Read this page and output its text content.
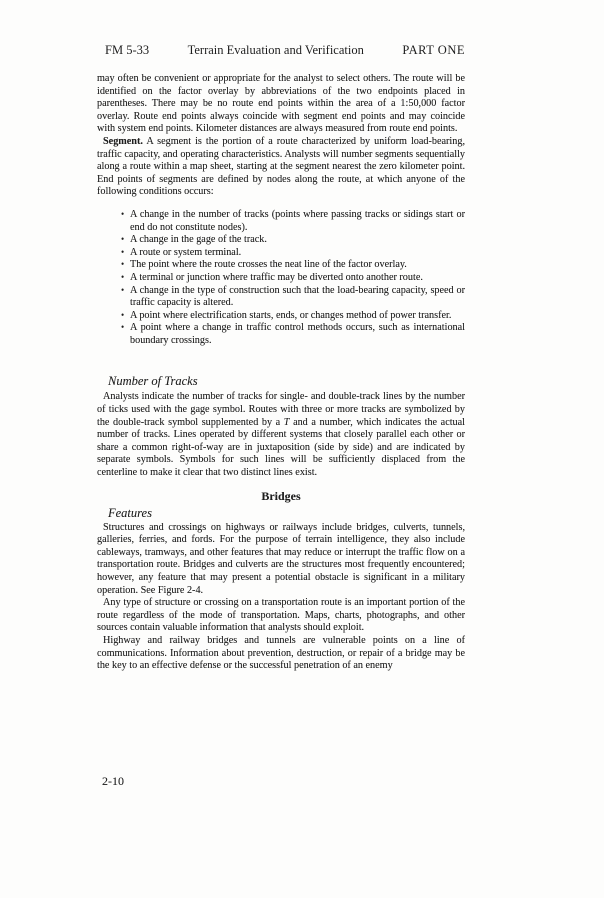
FM 5-33	Terrain Evaluation and Verification	PART ONE

may often be convenient or appropriate for the analyst to select others. The route will be identified on the factor overlay by abbreviations of the two endpoints placed in parentheses. There may be no route end points within the area of a 1:50,000 factor overlay. Route end points always coincide with segment end points and may coincide with system end points. Kilometer distances are always measured from route end points.

Segment. A segment is the portion of a route characterized by uniform load-bearing, traffic capacity, and operating characteristics. Analysts will number segments sequentially along a route within a map sheet, starting at the segment nearest the zero kilometer point. End points of segments are defined by nodes along the route, at which anyone of the following conditions occurs:

• A change in the number of tracks (points where passing tracks or sidings start or end do not constitute nodes).
• A change in the gage of the track.
• A route or system terminal.
• The point where the route crosses the neat line of the factor overlay.
• A terminal or junction where traffic may be diverted onto another route.
• A change in the type of construction such that the load-bearing capacity, speed or traffic capacity is altered.
• A point where electrification starts, ends, or changes method of power transfer.
• A point where a change in traffic control methods occurs, such as international boundary crossings.
Number of Tracks

Analysts indicate the number of tracks for single- and double-track lines by the number of ticks used with the gage symbol. Routes with three or more tracks are symbolized by the double-track symbol supplemented by a T and a number, which indicates the actual number of tracks. Lines operated by different systems that closely parallel each other or share a common right-of-way are in juxtaposition (side by side) and are indicated by separate symbols. Symbols for such lines will be sufficiently displaced from the centerline to make it clear that two distinct lines exist.

Bridges
Features

Structures and crossings on highways or railways include bridges, culverts, tunnels, galleries, ferries, and fords. For the purpose of terrain intelligence, they also include cableways, tramways, and other features that may reduce or interrupt the traffic flow on a transportation route. Bridges and culverts are the structures most frequently encountered; however, any feature that may present a potential obstacle is significant in a military operation. See Figure 2-4.

Any type of structure or crossing on a transportation route is an important portion of the route regardless of the mode of transportation. Maps, charts, photographs, and other sources contain valuable information that analysts should exploit.

Highway and railway bridges and tunnels are vulnerable points on a line of communications. Information about prevention, destruction, or repair of a bridge may be the key to an effective defense or the successful penetration of an enemy

2-10
